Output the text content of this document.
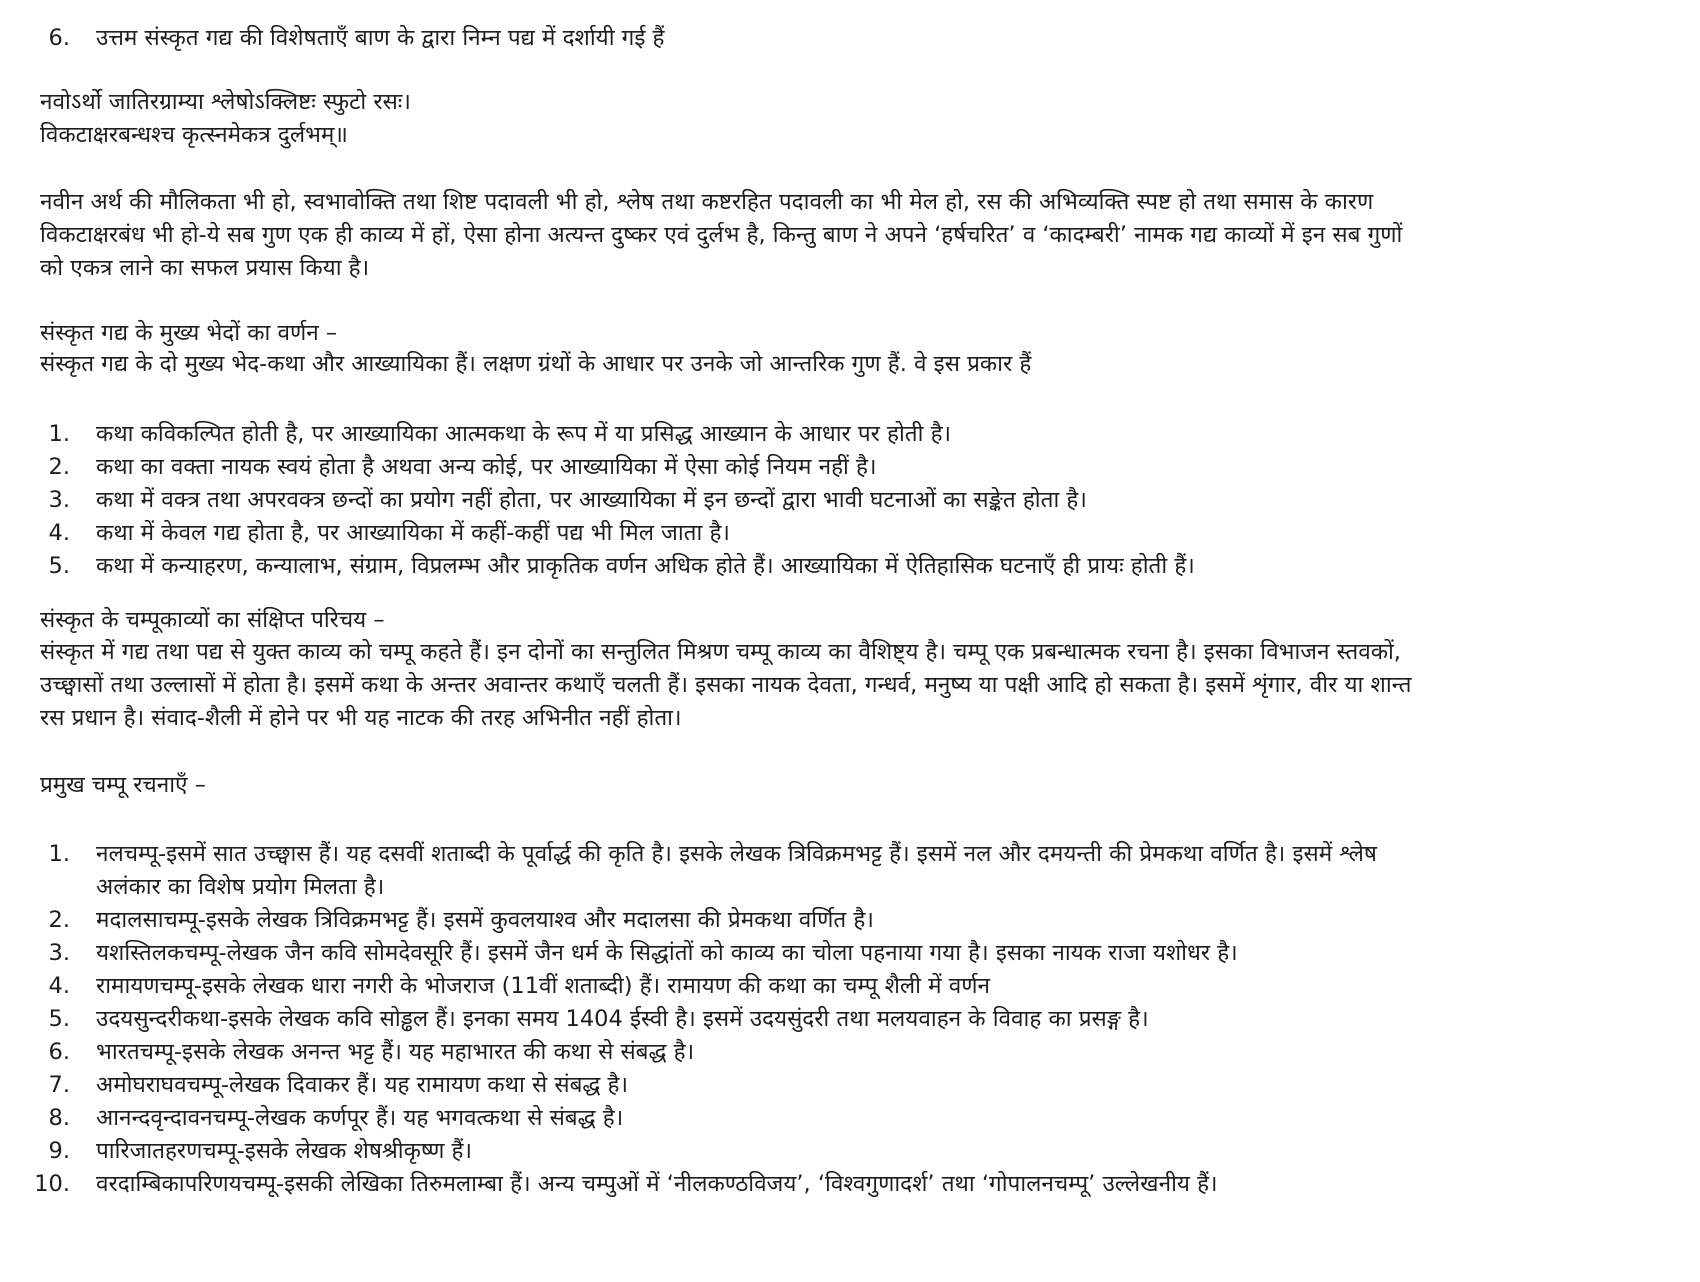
6. उत्तम संस्कृत गद्य की विशेषताएँ बाण के द्वारा निम्न पद्य में दर्शायी गई हैं
नवोऽर्थो जातिरग्राम्या श्लेषोऽक्लिष्टः स्फुटो रसः।
विकटाक्षरबन्धश्च कृत्स्नमेकत्र दुर्लभम्॥
नवीन अर्थ की मौलिकता भी हो, स्वभावोक्ति तथा शिष्ट पदावली भी हो, श्लेष तथा कष्टरहित पदावली का भी मेल हो, रस की अभिव्यक्ति स्पष्ट हो तथा समास के कारण
विकटाक्षरबंध भी हो-ये सब गुण एक ही काव्य में हों, ऐसा होना अत्यन्त दुष्कर एवं दुर्लभ है, किन्तु बाण ने अपने ‘हर्षचरित’ व ‘कादम्बरी’ नामक गद्य काव्यों में इन सब गुणों
को एकत्र लाने का सफल प्रयास किया है।
संस्कृत गद्य के मुख्य भेदों का वर्णन –
संस्कृत गद्य के दो मुख्य भेद-कथा और आख्यायिका हैं। लक्षण ग्रंथों के आधार पर उनके जो आन्तरिक गुण हैं. वे इस प्रकार हैं
1. कथा कविकल्पित होती है, पर आख्यायिका आत्मकथा के रूप में या प्रसिद्ध आख्यान के आधार पर होती है।
2. कथा का वक्ता नायक स्वयं होता है अथवा अन्य कोई, पर आख्यायिका में ऐसा कोई नियम नहीं है।
3. कथा में वक्त्र तथा अपरवक्त्र छन्दों का प्रयोग नहीं होता, पर आख्यायिका में इन छन्दों द्वारा भावी घटनाओं का सङ्केत होता है।
4. कथा में केवल गद्य होता है, पर आख्यायिका में कहीं-कहीं पद्य भी मिल जाता है।
5. कथा में कन्याहरण, कन्यालाभ, संग्राम, विप्रलम्भ और प्राकृतिक वर्णन अधिक होते हैं। आख्यायिका में ऐतिहासिक घटनाएँ ही प्रायः होती हैं।
संस्कृत के चम्पूकाव्यों का संक्षिप्त परिचय –
संस्कृत में गद्य तथा पद्य से युक्त काव्य को चम्पू कहते हैं। इन दोनों का सन्तुलित मिश्रण चम्पू काव्य का वैशिष्ट्य है। चम्पू एक प्रबन्धात्मक रचना है। इसका विभाजन स्तवकों,
उच्छ्वासों तथा उल्लासों में होता है। इसमें कथा के अन्तर अवान्तर कथाएँ चलती हैं। इसका नायक देवता, गन्धर्व, मनुष्य या पक्षी आदि हो सकता है। इसमें शृंगार, वीर या शान्त
रस प्रधान है। संवाद-शैली में होने पर भी यह नाटक की तरह अभिनीत नहीं होता।
प्रमुख चम्पू रचनाएँ –
1. नलचम्पू-इसमें सात उच्छ्वास हैं। यह दसवीं शताब्दी के पूर्वार्द्ध की कृति है। इसके लेखक त्रिविक्रमभट्ट हैं। इसमें नल और दमयन्ती की प्रेमकथा वर्णित है। इसमें श्लेष
अलंकार का विशेष प्रयोग मिलता है।
2. मदालसाचम्पू-इसके लेखक त्रिविक्रमभट्ट हैं। इसमें कुवलयाश्व और मदालसा की प्रेमकथा वर्णित है।
3. यशस्तिलकचम्पू-लेखक जैन कवि सोमदेवसूरि हैं। इसमें जैन धर्म के सिद्धांतों को काव्य का चोला पहनाया गया है। इसका नायक राजा यशोधर है।
4. रामायणचम्पू-इसके लेखक धारा नगरी के भोजराज (11वीं शताब्दी) हैं। रामायण की कथा का चम्पू शैली में वर्णन
5. उदयसुन्दरीकथा-इसके लेखक कवि सोड्ढल हैं। इनका समय 1404 ईस्वी है। इसमें उदयसुंदरी तथा मलयवाहन के विवाह का प्रसङ्ग है।
6. भारतचम्पू-इसके लेखक अनन्त भट्ट हैं। यह महाभारत की कथा से संबद्ध है।
7. अमोघराघवचम्पू-लेखक दिवाकर हैं। यह रामायण कथा से संबद्ध है।
8. आनन्दवृन्दावनचम्पू-लेखक कर्णपूर हैं। यह भगवत्कथा से संबद्ध है।
9. पारिजातहरणचम्पू-इसके लेखक शेषश्रीकृष्ण हैं।
10. वरदाम्बिकापरिणयचम्पू-इसकी लेखिका तिरुमलाम्बा हैं। अन्य चम्पुओं में ‘नीलकण्ठविजय’, ‘विश्वगुणादर्श’ तथा ‘गोपालनचम्पू’ उल्लेखनीय हैं।
